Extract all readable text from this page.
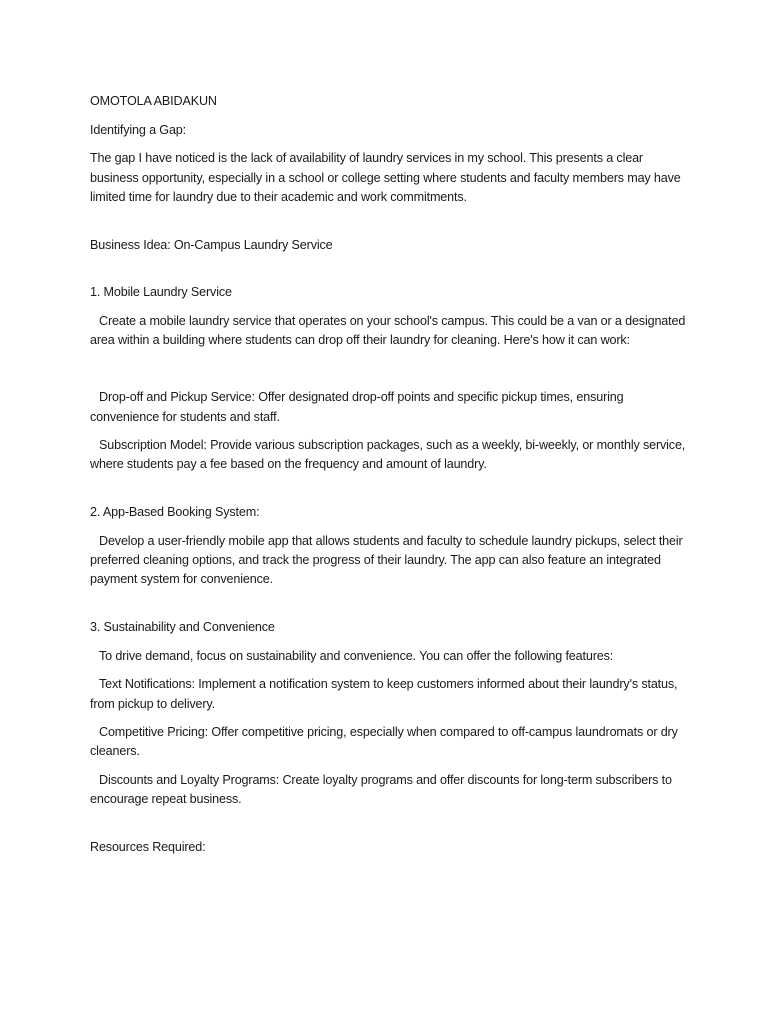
OMOTOLA ABIDAKUN

Identifying a Gap:

The gap I have noticed is the lack of availability of laundry services in my school. This presents a clear business opportunity, especially in a school or college setting where students and faculty members may have limited time for laundry due to their academic and work commitments.

Business Idea: On-Campus Laundry Service

1. Mobile Laundry Service

Create a mobile laundry service that operates on your school's campus. This could be a van or a designated area within a building where students can drop off their laundry for cleaning. Here's how it can work:

Drop-off and Pickup Service: Offer designated drop-off points and specific pickup times, ensuring convenience for students and staff.

Subscription Model: Provide various subscription packages, such as a weekly, bi-weekly, or monthly service, where students pay a fee based on the frequency and amount of laundry.

2. App-Based Booking System:

Develop a user-friendly mobile app that allows students and faculty to schedule laundry pickups, select their preferred cleaning options, and track the progress of their laundry. The app can also feature an integrated payment system for convenience.

3. Sustainability and Convenience

To drive demand, focus on sustainability and convenience. You can offer the following features:

Text Notifications: Implement a notification system to keep customers informed about their laundry's status, from pickup to delivery.

Competitive Pricing: Offer competitive pricing, especially when compared to off-campus laundromats or dry cleaners.

Discounts and Loyalty Programs: Create loyalty programs and offer discounts for long-term subscribers to encourage repeat business.

Resources Required:
